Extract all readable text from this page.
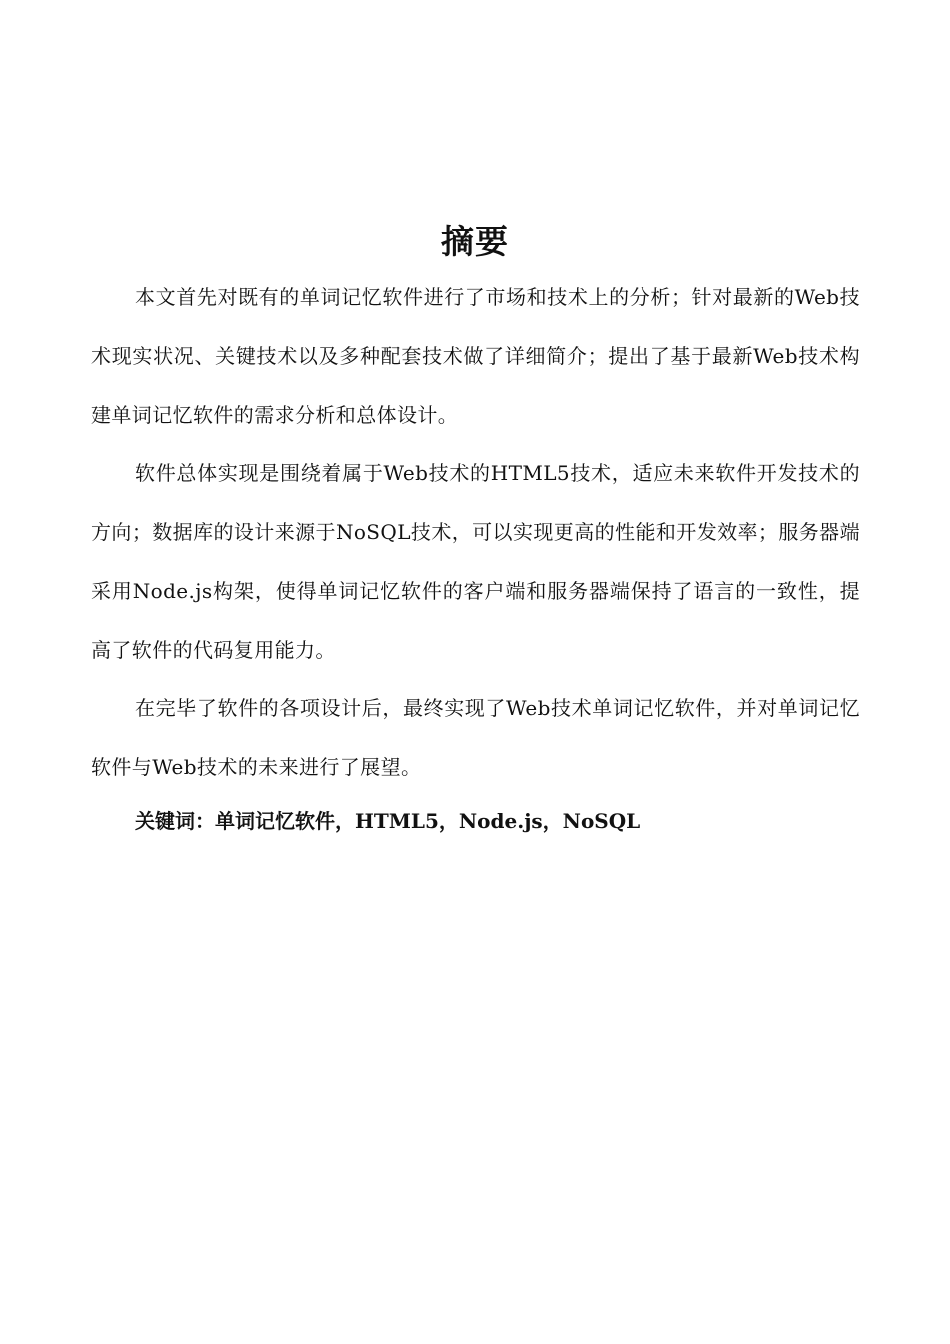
摘要

本文首先对既有的单词记忆软件进行了市场和技术上的分析；针对最新的Web技术现实状况、关键技术以及多种配套技术做了详细简介；提出了基于最新Web技术构建单词记忆软件的需求分析和总体设计。

软件总体实现是围绕着属于Web技术的HTML5技术，适应未来软件开发技术的方向；数据库的设计来源于NoSQL技术，可以实现更高的性能和开发效率；服务器端采用Node.js构架，使得单词记忆软件的客户端和服务器端保持了语言的一致性，提高了软件的代码复用能力。

在完毕了软件的各项设计后，最终实现了Web技术单词记忆软件，并对单词记忆软件与Web技术的未来进行了展望。

关键词：单词记忆软件，HTML5，Node.js，NoSQL
